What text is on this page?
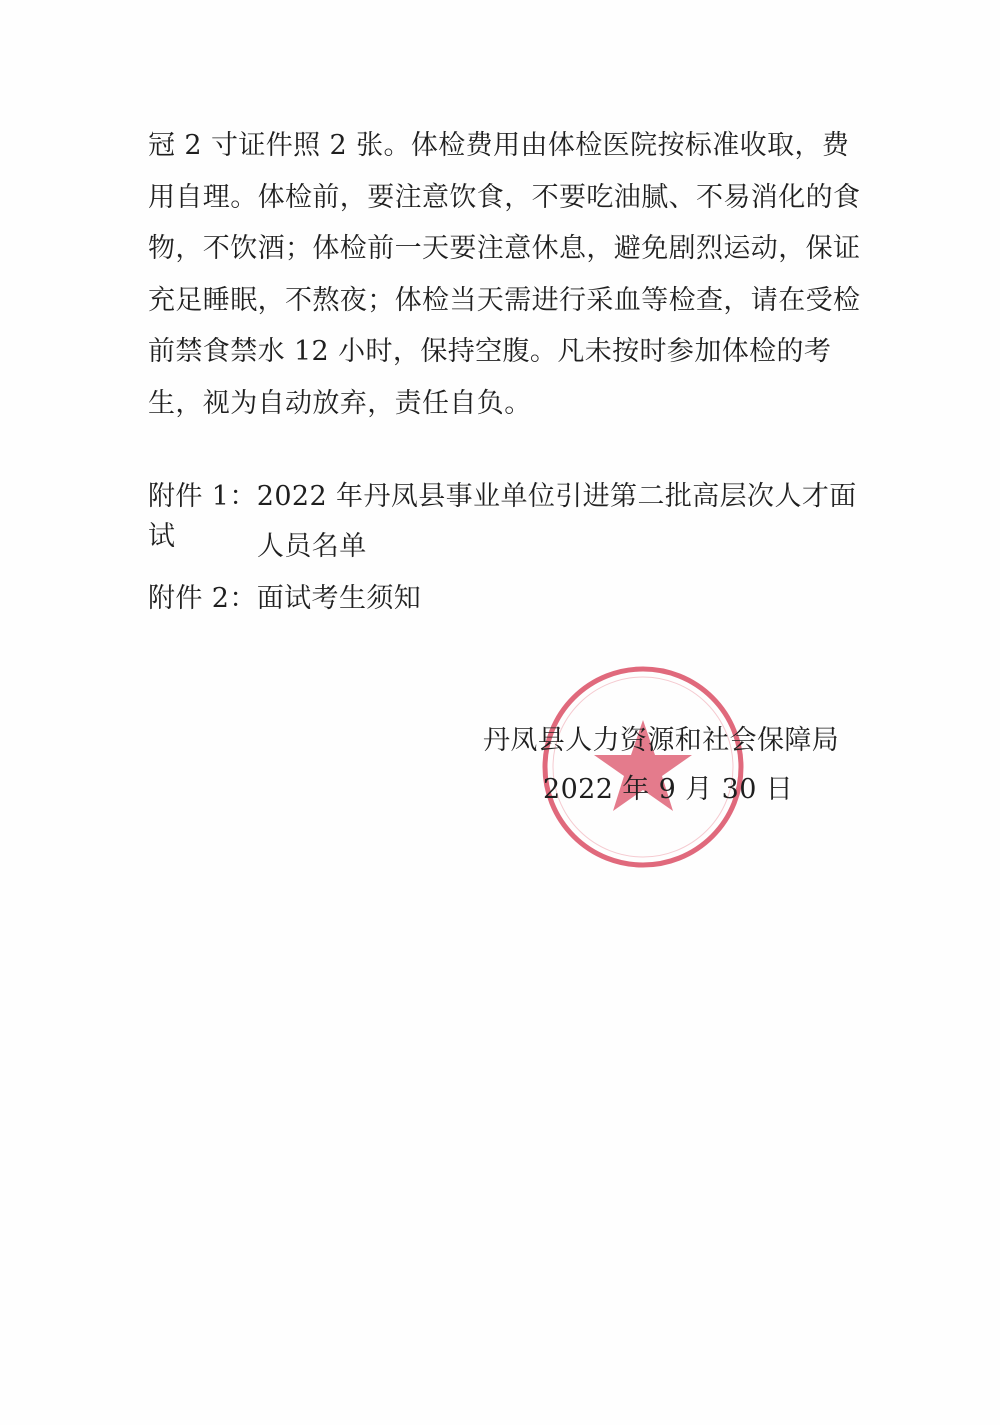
冠 2 寸证件照 2 张。体检费用由体检医院按标准收取，费用自理。体检前，要注意饮食，不要吃油腻、不易消化的食物，不饮酒；体检前一天要注意休息，避免剧烈运动，保证充足睡眠，不熬夜；体检当天需进行采血等检查，请在受检前禁食禁水 12 小时，保持空腹。凡未按时参加体检的考生，视为自动放弃，责任自负。

附件 1：2022 年丹凤县事业单位引进第二批高层次人才面试	人员名单
附件 2：面试考生须知
丹凤县人力资源和社会保障局
2022 年 9 月 30 日
